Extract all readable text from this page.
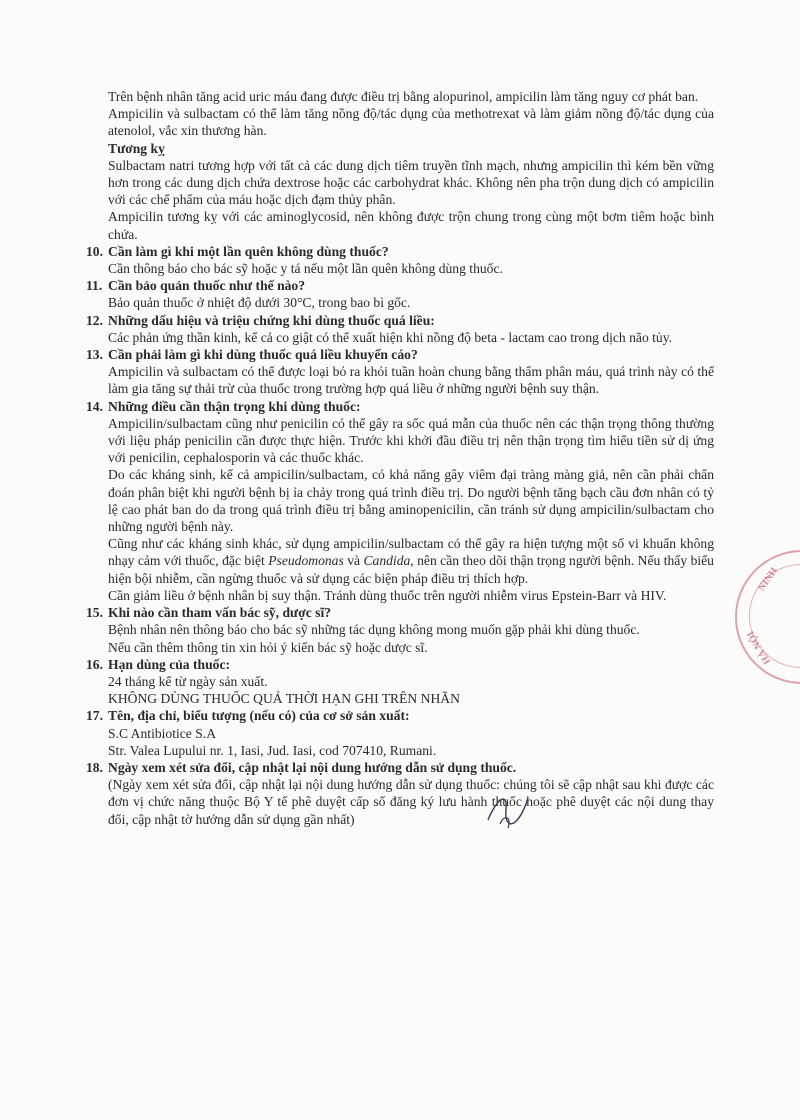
Trên bệnh nhân tăng acid uric máu đang được điều trị bằng alopurinol, ampicilin làm tăng nguy cơ phát ban.

Ampicilin và sulbactam có thể làm tăng nồng độ/tác dụng của methotrexat và làm giảm nồng độ/tác dụng của atenolol, vắc xin thương hàn.

Tương kỵ

Sulbactam natri tương hợp với tất cả các dung dịch tiêm truyền tĩnh mạch, nhưng ampicilin thì kém bền vững hơn trong các dung dịch chứa dextrose hoặc các carbohydrat khác. Không nên pha trộn dung dịch có ampicilin với các chế phẩm của máu hoặc dịch đạm thủy phân.

Ampicilin tương kỵ với các aminoglycosid, nên không được trộn chung trong cùng một bơm tiêm hoặc bình chứa.

10. Cần làm gì khi một lần quên không dùng thuốc?

Cần thông báo cho bác sỹ hoặc y tá nếu một lần quên không dùng thuốc.

11. Cần bảo quản thuốc như thế nào?

Bảo quản thuốc ở nhiệt độ dưới 30°C, trong bao bì gốc.

12. Những dấu hiệu và triệu chứng khi dùng thuốc quá liều:

Các phản ứng thần kinh, kể cả co giật có thể xuất hiện khi nồng độ beta - lactam cao trong dịch não tủy.

13. Cần phải làm gì khi dùng thuốc quá liều khuyến cáo?

Ampicilin và sulbactam có thể được loại bỏ ra khỏi tuần hoàn chung bằng thẩm phân máu, quá trình này có thể làm gia tăng sự thải trừ của thuốc trong trường hợp quá liều ở những người bệnh suy thận.

14. Những điều cần thận trọng khi dùng thuốc:

Ampicilin/sulbactam cũng như penicilin có thể gây ra sốc quá mẫn của thuốc nên các thận trọng thông thường với liệu pháp penicilin cần được thực hiện. Trước khi khởi đầu điều trị nên thận trọng tìm hiểu tiền sử dị ứng với penicilin, cephalosporin và các thuốc khác.

Do các kháng sinh, kể cả ampicilin/sulbactam, có khả năng gây viêm đại tràng màng giả, nên cần phải chẩn đoán phân biệt khi người bệnh bị ỉa chảy trong quá trình điều trị. Do người bệnh tăng bạch cầu đơn nhân có tỷ lệ cao phát ban do da trong quá trình điều trị bằng aminopenicilin, cần tránh sử dụng ampicilin/sulbactam cho những người bệnh này.

Cũng như các kháng sinh khác, sử dụng ampicilin/sulbactam có thể gây ra hiện tượng một số vi khuẩn không nhạy cảm với thuốc, đặc biệt Pseudomonas và Candida, nên cần theo dõi thận trọng người bệnh. Nếu thấy biểu hiện bội nhiễm, cần ngừng thuốc và sử dụng các biện pháp điều trị thích hợp.

Cần giảm liều ở bệnh nhân bị suy thận. Tránh dùng thuốc trên người nhiễm virus Epstein-Barr và HIV.

15. Khi nào cần tham vấn bác sỹ, dược sĩ?

Bệnh nhân nên thông báo cho bác sỹ những tác dụng không mong muốn gặp phải khi dùng thuốc.

Nếu cần thêm thông tin xin hỏi ý kiến bác sỹ hoặc dược sĩ.

16. Hạn dùng của thuốc:

24 tháng kể từ ngày sản xuất.

KHÔNG DÙNG THUỐC QUÁ THỜI HẠN GHI TRÊN NHÃN

17. Tên, địa chỉ, biểu tượng (nếu có) của cơ sở sản xuất:

S.C Antibiotice S.A

Str. Valea Lupului nr. 1, Iasi, Jud. Iasi, cod 707410, Rumani.

18. Ngày xem xét sửa đổi, cập nhật lại nội dung hướng dẫn sử dụng thuốc.

(Ngày xem xét sửa đổi, cập nhật lại nội dung hướng dẫn sử dụng thuốc: chúng tôi sẽ cập nhật sau khi được các đơn vị chức năng thuộc Bộ Y tế phê duyệt cấp số đăng ký lưu hành thuốc hoặc phê duyệt các nội dung thay đổi, cập nhật tờ hướng dẫn sử dụng gần nhất)

NINH
HÀ NỘI
